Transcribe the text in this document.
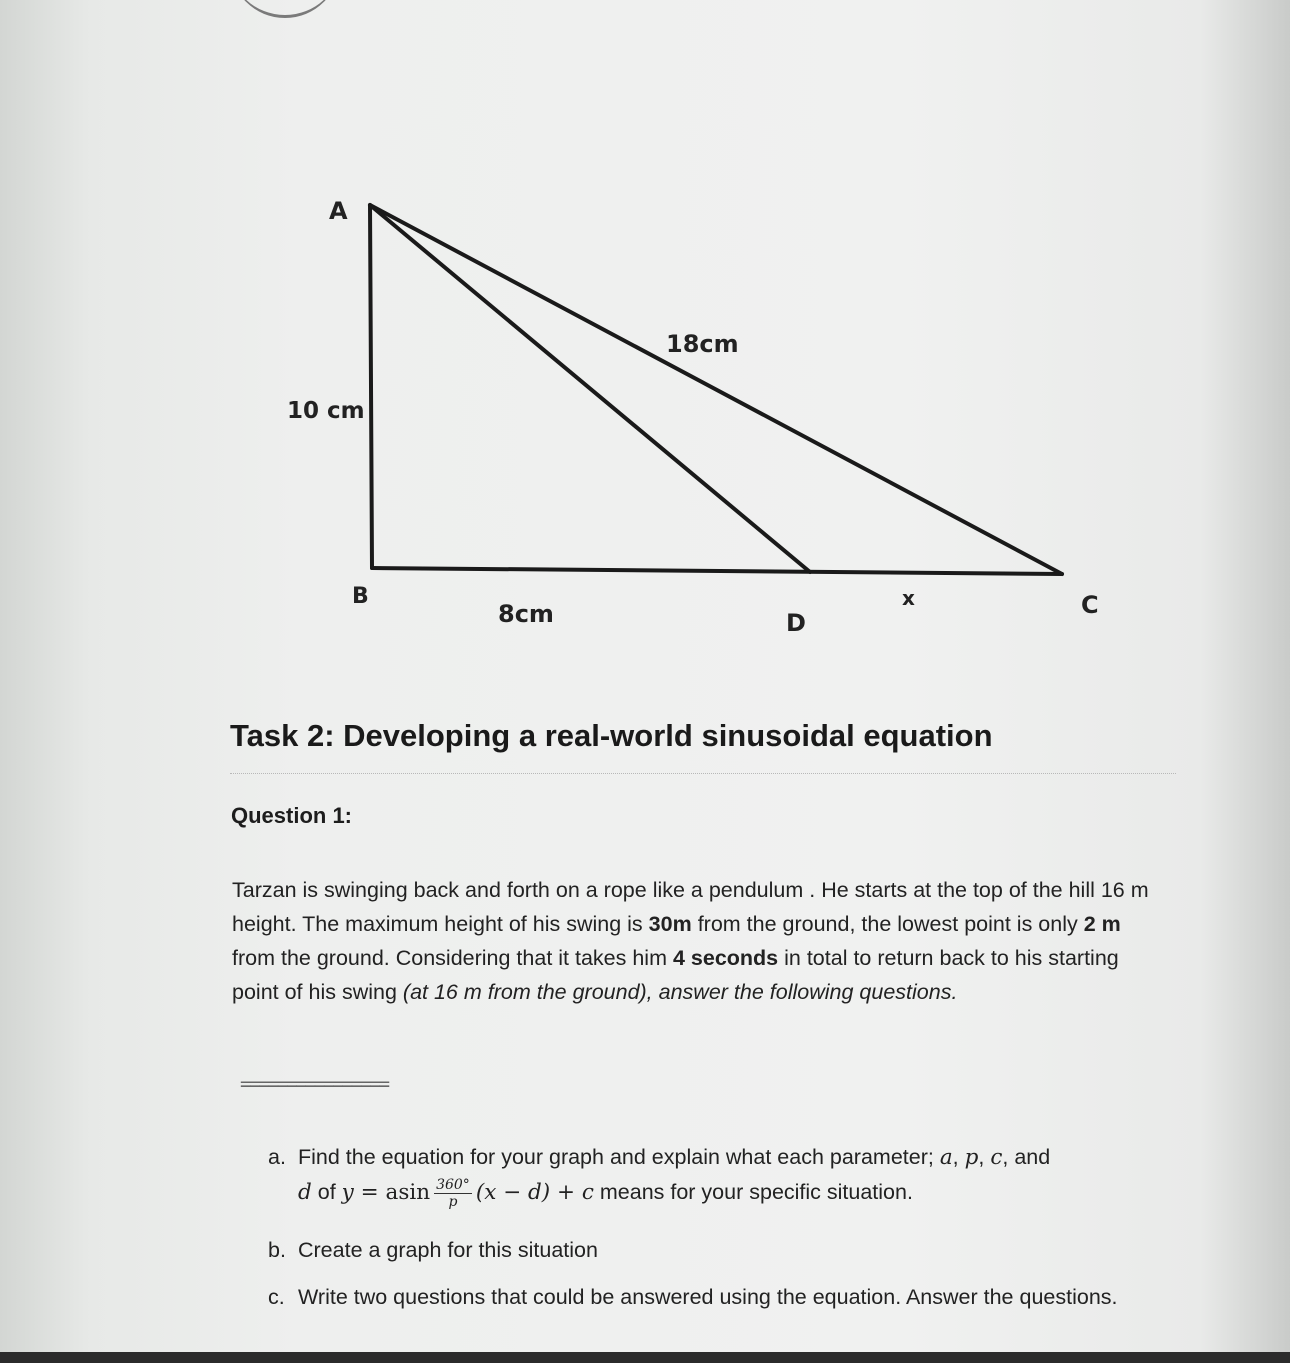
A
B	C
D
10 cm
18cm
8cm
x
Task 2: Developing a real-world sinusoidal equation
Question 1:
Tarzan is swinging back and forth on a rope like a pendulum . He starts at the top of the hill 16 m height. The maximum height of his swing is 30m from the ground, the lowest point is only 2 m from the ground. Considering that it takes him 4 seconds in total to return back to his starting point of his swing (at 16 m from the ground), answer the following questions.
================
a. Find the equation for your graph and explain what each parameter; a, p, c, and
d of y = asin $\frac{360^\circ}{p} (x - d) + c$ means for your specific situation.
b. Create a graph for this situation
c. Write two questions that could be answered using the equation. Answer the questions.
